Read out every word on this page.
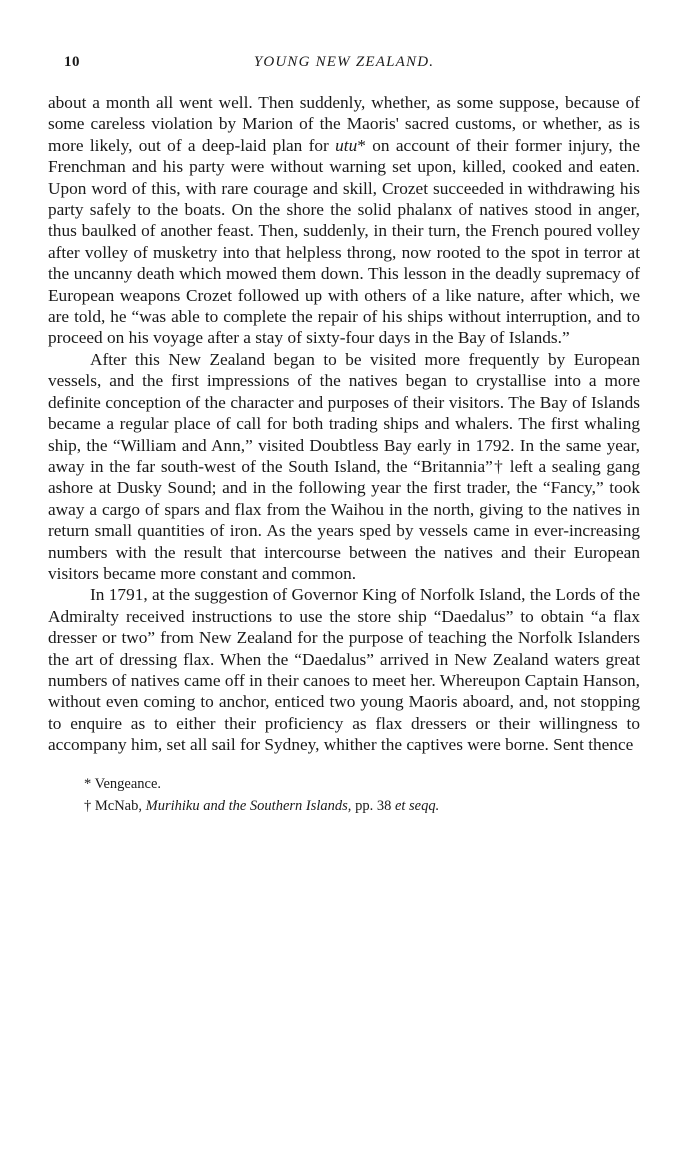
10	YOUNG NEW ZEALAND.

about a month all went well. Then suddenly, whether, as some suppose, because of some careless violation by Marion of the Maoris' sacred customs, or whether, as is more likely, out of a deep-laid plan for utu* on account of their former injury, the Frenchman and his party were without warning set upon, killed, cooked and eaten. Upon word of this, with rare courage and skill, Crozet succeeded in withdrawing his party safely to the boats. On the shore the solid phalanx of natives stood in anger, thus baulked of another feast. Then, suddenly, in their turn, the French poured volley after volley of musketry into that helpless throng, now rooted to the spot in terror at the uncanny death which mowed them down. This lesson in the deadly supremacy of European weapons Crozet followed up with others of a like nature, after which, we are told, he “was able to complete the repair of his ships without interruption, and to proceed on his voyage after a stay of sixty-four days in the Bay of Islands.”

After this New Zealand began to be visited more frequently by European vessels, and the first impressions of the natives began to crystallise into a more definite conception of the character and purposes of their visitors. The Bay of Islands became a regular place of call for both trading ships and whalers. The first whaling ship, the “William and Ann,” visited Doubtless Bay early in 1792. In the same year, away in the far south-west of the South Island, the “Britannia”† left a sealing gang ashore at Dusky Sound; and in the following year the first trader, the “Fancy,” took away a cargo of spars and flax from the Waihou in the north, giving to the natives in return small quantities of iron. As the years sped by vessels came in ever-increasing numbers with the result that intercourse between the natives and their European visitors became more constant and common.

In 1791, at the suggestion of Governor King of Norfolk Island, the Lords of the Admiralty received instructions to use the store ship “Daedalus” to obtain “a flax dresser or two” from New Zealand for the purpose of teaching the Norfolk Islanders the art of dressing flax. When the “Daedalus” arrived in New Zealand waters great numbers of natives came off in their canoes to meet her. Whereupon Captain Hanson, without even coming to anchor, enticed two young Maoris aboard, and, not stopping to enquire as to either their proficiency as flax dressers or their willingness to accompany him, set all sail for Sydney, whither the captives were borne. Sent thence

* Vengeance.

† McNab, Murihiku and the Southern Islands, pp. 38 et seqq.
